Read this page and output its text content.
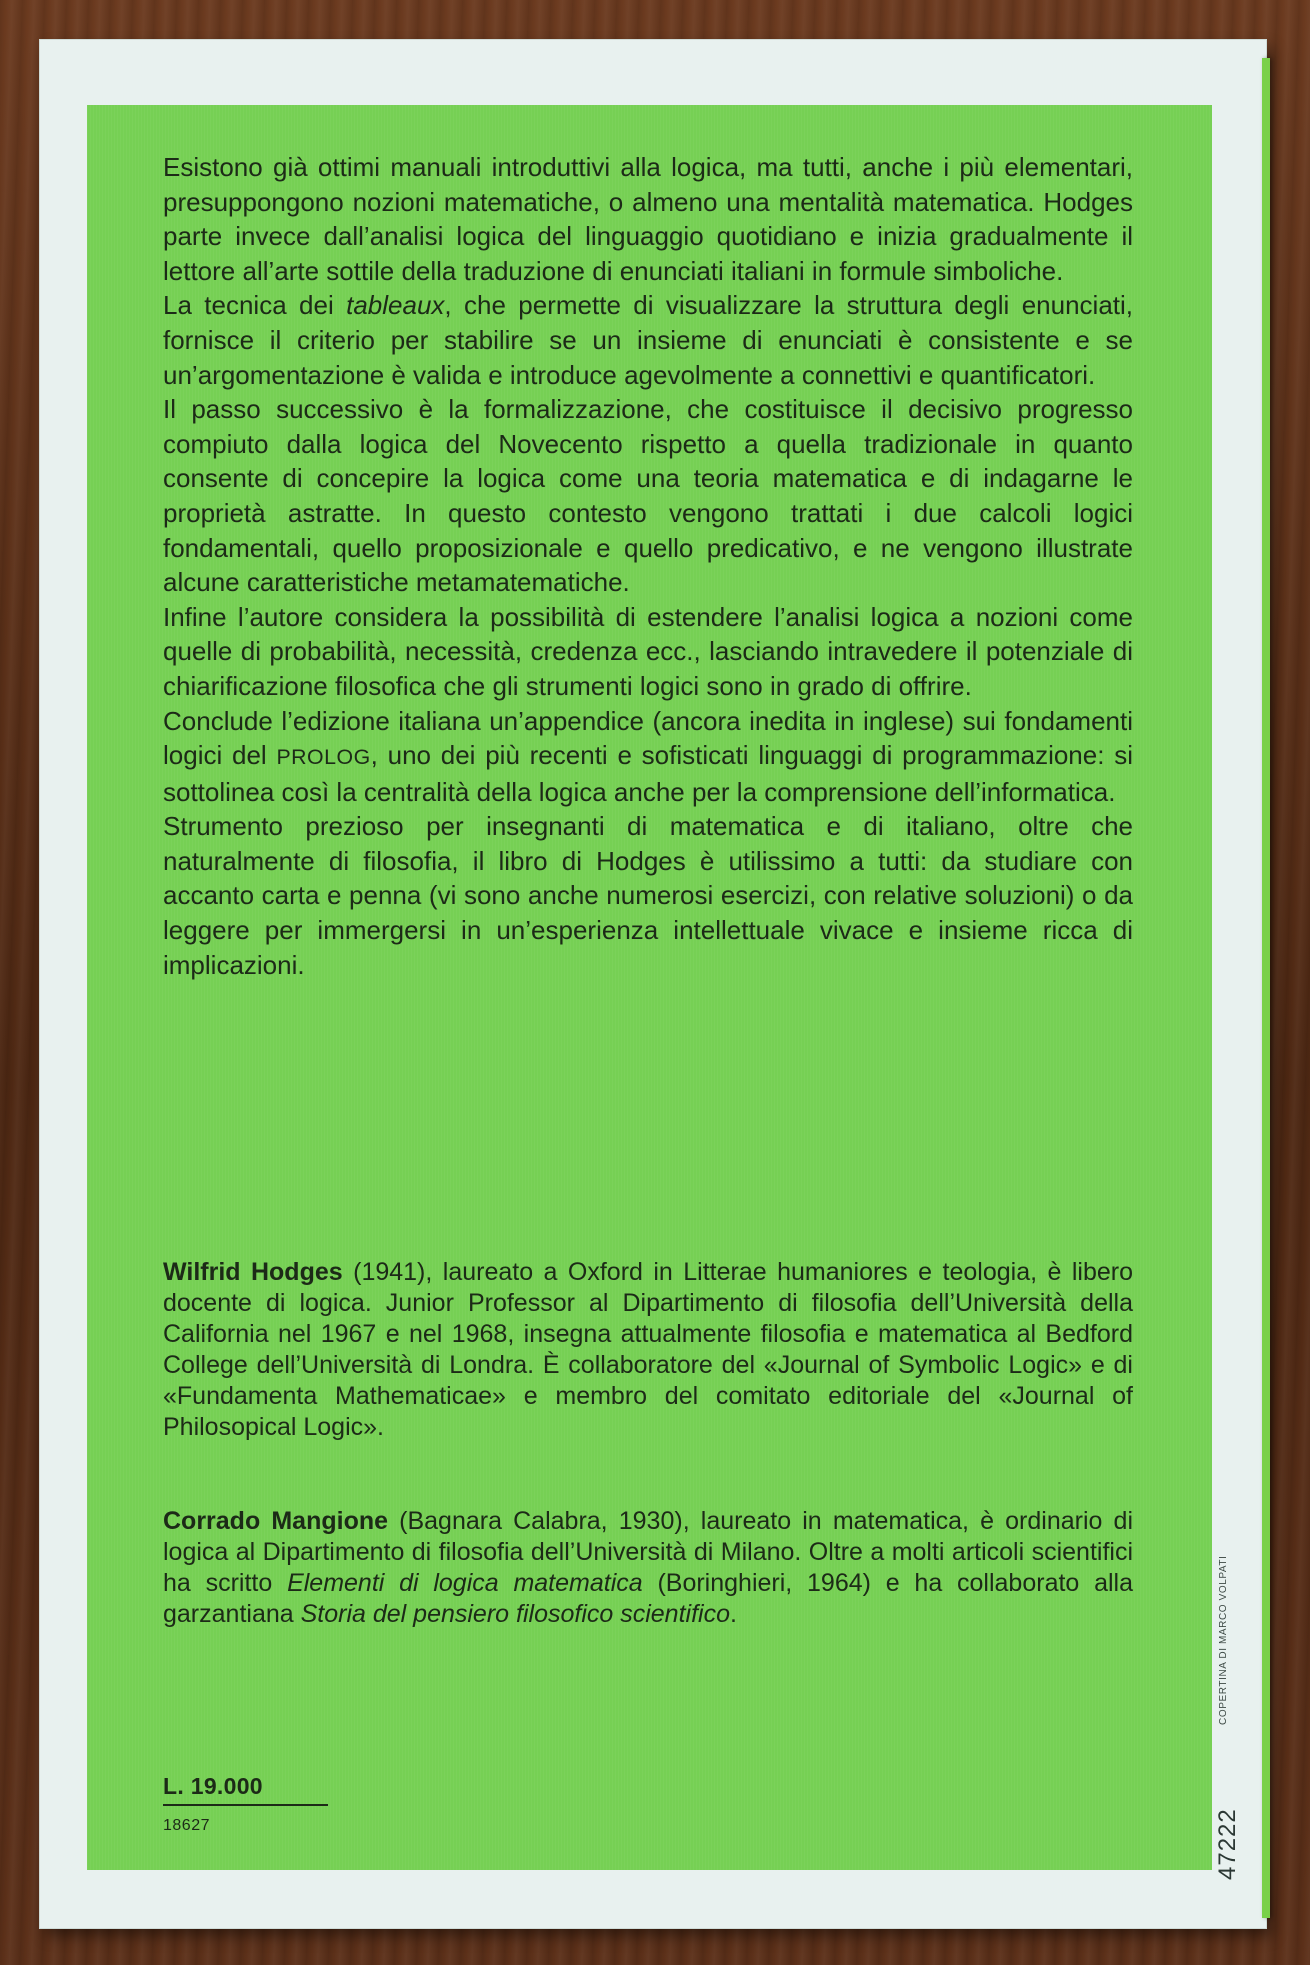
Esistono già ottimi manuali introduttivi alla logica, ma tutti, anche i più elementari, presuppongono nozioni matematiche, o almeno una mentalità matematica. Hodges parte invece dall’analisi logica del linguaggio quotidiano e inizia gradualmente il lettore all’arte sottile della traduzione di enunciati italiani in formule simboliche.

La tecnica dei tableaux, che permette di visualizzare la struttura degli enunciati, fornisce il criterio per stabilire se un insieme di enunciati è consistente e se un’argomentazione è valida e introduce agevolmente a connettivi e quantificatori.

Il passo successivo è la formalizzazione, che costituisce il decisivo progresso compiuto dalla logica del Novecento rispetto a quella tradizionale in quanto consente di concepire la logica come una teoria matematica e di indagarne le proprietà astratte. In questo contesto vengono trattati i due calcoli logici fondamentali, quello proposizionale e quello predicativo, e ne vengono illustrate alcune caratteristiche metamatematiche.

Infine l’autore considera la possibilità di estendere l’analisi logica a nozioni come quelle di probabilità, necessità, credenza ecc., lasciando intravedere il potenziale di chiarificazione filosofica che gli strumenti logici sono in grado di offrire.

Conclude l’edizione italiana un’appendice (ancora inedita in inglese) sui fondamenti logici del PROLOG, uno dei più recenti e sofisticati linguaggi di programmazione: si sottolinea così la centralità della logica anche per la comprensione dell’informatica.

Strumento prezioso per insegnanti di matematica e di italiano, oltre che naturalmente di filosofia, il libro di Hodges è utilissimo a tutti: da studiare con accanto carta e penna (vi sono anche numerosi esercizi, con relative soluzioni) o da leggere per immergersi in un’esperienza intellettuale vivace e insieme ricca di implicazioni.

Wilfrid Hodges (1941), laureato a Oxford in Litterae humaniores e teologia, è libero docente di logica. Junior Professor al Dipartimento di filosofia dell’Università della California nel 1967 e nel 1968, insegna attualmente filosofia e matematica al Bedford College dell’Università di Londra. È collaboratore del «Journal of Symbolic Logic» e di «Fundamenta Mathematicae» e membro del comitato editoriale del «Journal of Philosopical Logic».

Corrado Mangione (Bagnara Calabra, 1930), laureato in matematica, è ordinario di logica al Dipartimento di filosofia dell’Università di Milano. Oltre a molti articoli scientifici ha scritto Elementi di logica matematica (Boringhieri, 1964) e ha collaborato alla garzantiana Storia del pensiero filosofico scientifico.

L. 19.000
18627
COPERTINA DI MARCO VOLPATI
47222
